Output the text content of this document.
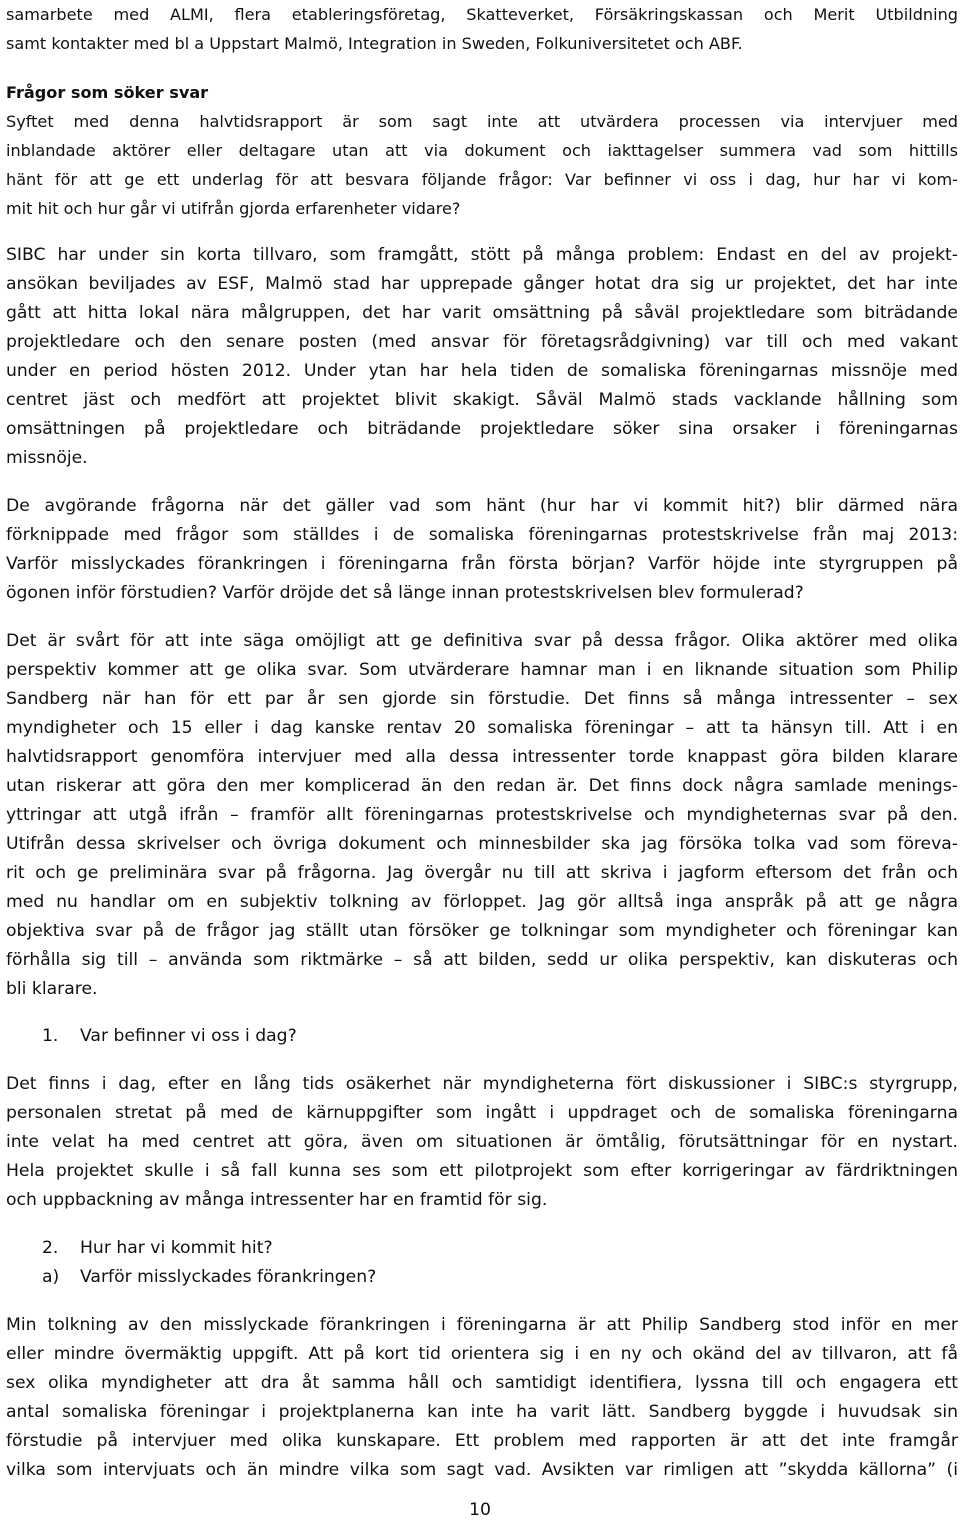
samarbete med ALMI, flera etableringsföretag, Skatteverket, Försäkringskassan och Merit Utbildning
samt kontakter med bl a Uppstart Malmö, Integration in Sweden, Folkuniversitetet och ABF.
Frågor som söker svar
Syftet med denna halvtidsrapport är som sagt inte att utvärdera processen via intervjuer med
inblandade aktörer eller deltagare utan att via dokument och iakttagelser summera vad som hittills
hänt för att ge ett underlag för att besvara följande frågor: Var befinner vi oss i dag, hur har vi kom-
mit hit och hur går vi utifrån gjorda erfarenheter vidare?
SIBC har under sin korta tillvaro, som framgått, stött på många problem: Endast en del av projekt-
ansökan beviljades av ESF, Malmö stad har upprepade gånger hotat dra sig ur projektet, det har inte
gått att hitta lokal nära målgruppen, det har varit omsättning på såväl projektledare som biträdande
projektledare och den senare posten (med ansvar för företagsrådgivning) var till och med vakant
under en period hösten 2012. Under ytan har hela tiden de somaliska föreningarnas missnöje med
centret jäst och medfört att projektet blivit skakigt. Såväl Malmö stads vacklande hållning som
omsättningen på projektledare och biträdande projektledare söker sina orsaker i föreningarnas
missnöje.
De avgörande frågorna när det gäller vad som hänt (hur har vi kommit hit?) blir därmed nära
förknippade med frågor som ställdes i de somaliska föreningarnas protestskrivelse från maj 2013:
Varför misslyckades förankringen i föreningarna från första början? Varför höjde inte styrgruppen på
ögonen inför förstudien? Varför dröjde det så länge innan protestskrivelsen blev formulerad?
Det är svårt för att inte säga omöjligt att ge definitiva svar på dessa frågor. Olika aktörer med olika
perspektiv kommer att ge olika svar. Som utvärderare hamnar man i en liknande situation som Philip
Sandberg när han för ett par år sen gjorde sin förstudie. Det finns så många intressenter – sex
myndigheter och 15 eller i dag kanske rentav 20 somaliska föreningar – att ta hänsyn till. Att i en
halvtidsrapport genomföra intervjuer med alla dessa intressenter torde knappast göra bilden klarare
utan riskerar att göra den mer komplicerad än den redan är. Det finns dock några samlade menings-
yttringar att utgå ifrån – framför allt föreningarnas protestskrivelse och myndigheternas svar på den.
Utifrån dessa skrivelser och övriga dokument och minnesbilder ska jag försöka tolka vad som föreva-
rit och ge preliminära svar på frågorna. Jag övergår nu till att skriva i jagform eftersom det från och
med nu handlar om en subjektiv tolkning av förloppet. Jag gör alltså inga anspråk på att ge några
objektiva svar på de frågor jag ställt utan försöker ge tolkningar som myndigheter och föreningar kan
förhålla sig till – använda som riktmärke – så att bilden, sedd ur olika perspektiv, kan diskuteras och
bli klarare.
1.	Var befinner vi oss i dag?
Det finns i dag, efter en lång tids osäkerhet när myndigheterna fört diskussioner i SIBC:s styrgrupp,
personalen stretat på med de kärnuppgifter som ingått i uppdraget och de somaliska föreningarna
inte velat ha med centret att göra, även om situationen är ömtålig, förutsättningar för en nystart.
Hela projektet skulle i så fall kunna ses som ett pilotprojekt som efter korrigeringar av färdriktningen
och uppbackning av många intressenter har en framtid för sig.
2.	Hur har vi kommit hit?
a)	Varför misslyckades förankringen?
Min tolkning av den misslyckade förankringen i föreningarna är att Philip Sandberg stod inför en mer
eller mindre övermäktig uppgift. Att på kort tid orientera sig i en ny och okänd del av tillvaron, att få
sex olika myndigheter att dra åt samma håll och samtidigt identifiera, lyssna till och engagera ett
antal somaliska föreningar i projektplanerna kan inte ha varit lätt. Sandberg byggde i huvudsak sin
förstudie på intervjuer med olika kunskapare. Ett problem med rapporten är att det inte framgår
vilka som intervjuats och än mindre vilka som sagt vad. Avsikten var rimligen att ”skydda källorna” (i
10
